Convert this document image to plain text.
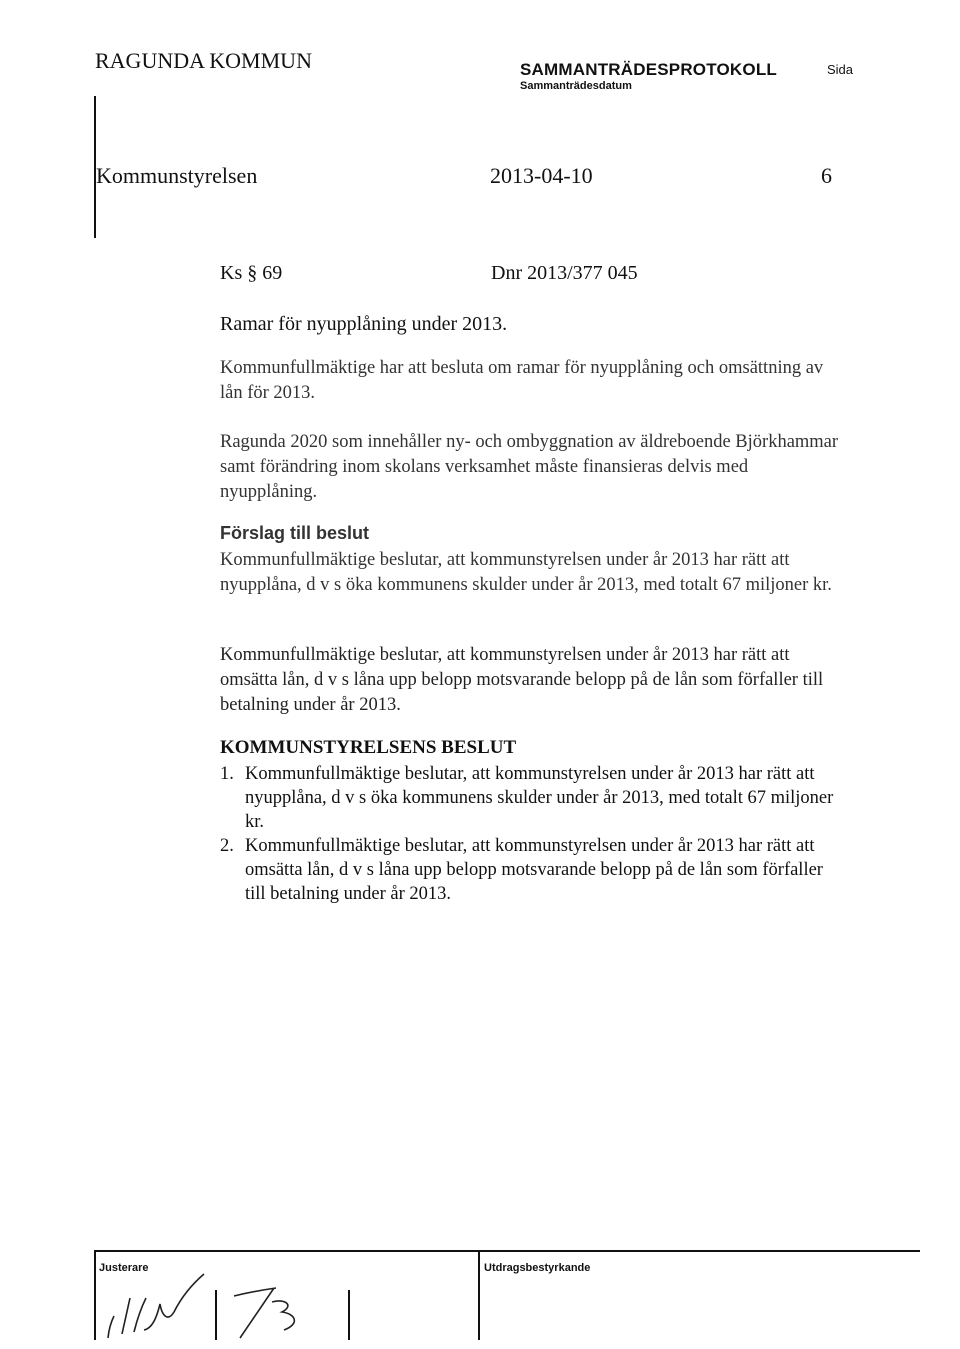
RAGUNDA KOMMUN	SAMMANTRÄDESPROTOKOLL
Sammanträdesdatum
Sida
Kommunstyrelsen	2013-04-10	6
Ks § 69	Dnr 2013/377 045
Ramar för nyupplåning under 2013.
Kommunfullmäktige har att besluta om ramar för nyupplåning och omsättning av lån för 2013.
Ragunda 2020 som innehåller ny- och ombyggnation av äldreboende Björkhammar samt förändring inom skolans verksamhet måste finansieras delvis med nyupplåning.
Förslag till beslut
Kommunfullmäktige beslutar, att kommunstyrelsen under år 2013 har rätt att nyupplåna, d v s öka kommunens skulder under år 2013, med totalt 67 miljoner kr.
Kommunfullmäktige beslutar, att kommunstyrelsen under år 2013 har rätt att omsätta lån, d v s låna upp belopp motsvarande belopp på de lån som förfaller till betalning under år 2013.
KOMMUNSTYRELSENS BESLUT
1. Kommunfullmäktige beslutar, att kommunstyrelsen under år 2013 har rätt att nyupplåna, d v s öka kommunens skulder under år 2013, med totalt 67 miljoner kr.
2. Kommunfullmäktige beslutar, att kommunstyrelsen under år 2013 har rätt att omsätta lån, d v s låna upp belopp motsvarande belopp på de lån som förfaller till betalning under år 2013.
Justerare	Utdragsbestyrkande
